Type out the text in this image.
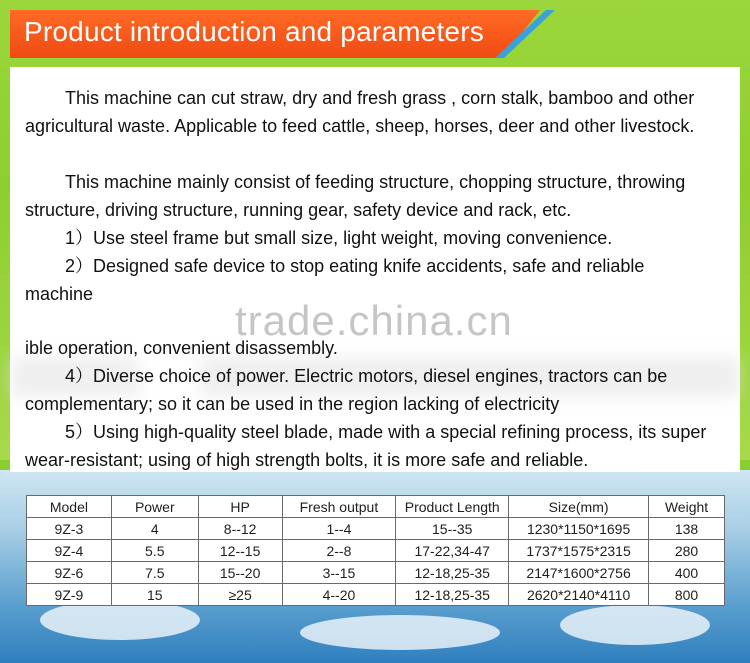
Product introduction and parameters
This machine can cut straw, dry and fresh grass , corn stalk, bamboo and other agricultural waste. Applicable to feed cattle, sheep, horses, deer and other livestock.
This machine mainly consist of feeding structure, chopping structure, throwing structure, driving structure, running gear, safety device and rack, etc.
1）Use steel frame but small size, light weight, moving convenience.
2）Designed safe device to stop eating knife accidents, safe and reliable
machine
trade.china.cn
ible operation, convenient disassembly.
4）Diverse choice of power. Electric motors, diesel engines, tractors can be complementary; so it can be used in the region lacking of electricity
5）Using high-quality steel blade, made with a special refining process, its super wear-resistant; using of high strength bolts, it is more safe and reliable.
Model	Power	HP	Fresh output	Product Length	Size(mm)	Weight
9Z-3	4	8--12	1--4	15--35	1230*1150*1695	138
9Z-4	5.5	12--15	2--8	17-22,34-47	1737*1575*2315	280
9Z-6	7.5	15--20	3--15	12-18,25-35	2147*1600*2756	400
9Z-9	15	≥25	4--20	12-18,25-35	2620*2140*4110	800
